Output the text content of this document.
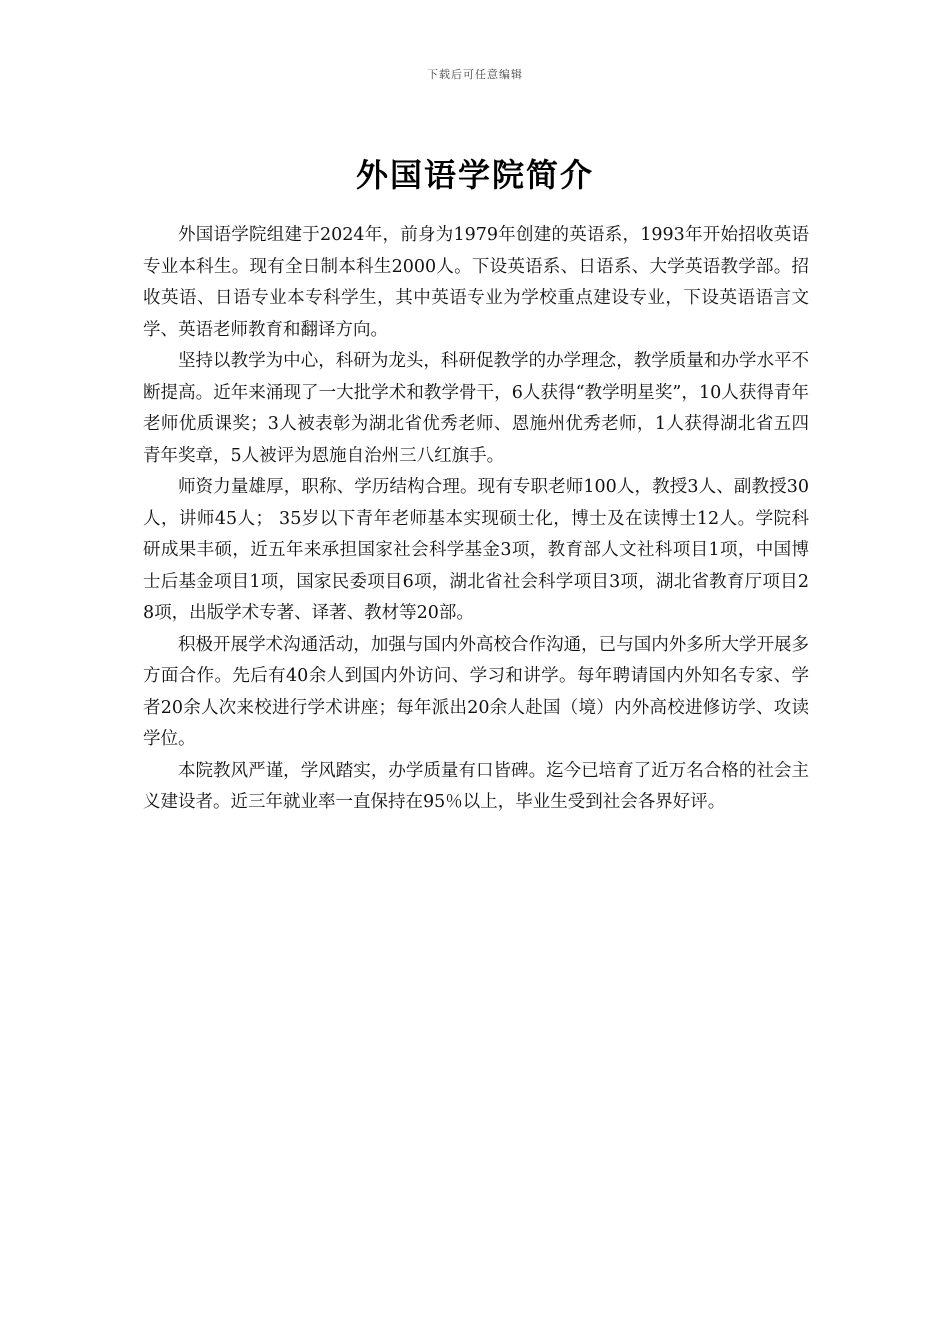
下载后可任意编辑
外国语学院简介

外国语学院组建于2024年，前身为1979年创建的英语系，1993年开始招收英语专业本科生。现有全日制本科生2000人。下设英语系、日语系、大学英语教学部。招收英语、日语专业本专科学生，其中英语专业为学校重点建设专业，下设英语语言文学、英语老师教育和翻译方向。

坚持以教学为中心，科研为龙头，科研促教学的办学理念，教学质量和办学水平不断提高。近年来涌现了一大批学术和教学骨干，6人获得“教学明星奖”，10人获得青年老师优质课奖；3人被表彰为湖北省优秀老师、恩施州优秀老师，1人获得湖北省五四青年奖章，5人被评为恩施自治州三八红旗手。

师资力量雄厚，职称、学历结构合理。现有专职老师100人，教授3人、副教授30人，讲师45人； 35岁以下青年老师基本实现硕士化，博士及在读博士12人。学院科研成果丰硕，近五年来承担国家社会科学基金3项，教育部人文社科项目1项，中国博士后基金项目1项，国家民委项目6项，湖北省社会科学项目3项，湖北省教育厅项目28项，出版学术专著、译著、教材等20部。

积极开展学术沟通活动，加强与国内外高校合作沟通，已与国内外多所大学开展多方面合作。先后有40余人到国内外访问、学习和讲学。每年聘请国内外知名专家、学者20余人次来校进行学术讲座；每年派出20余人赴国（境）内外高校进修访学、攻读学位。

本院教风严谨，学风踏实，办学质量有口皆碑。迄今已培育了近万名合格的社会主义建设者。近三年就业率一直保持在95％以上，毕业生受到社会各界好评。
